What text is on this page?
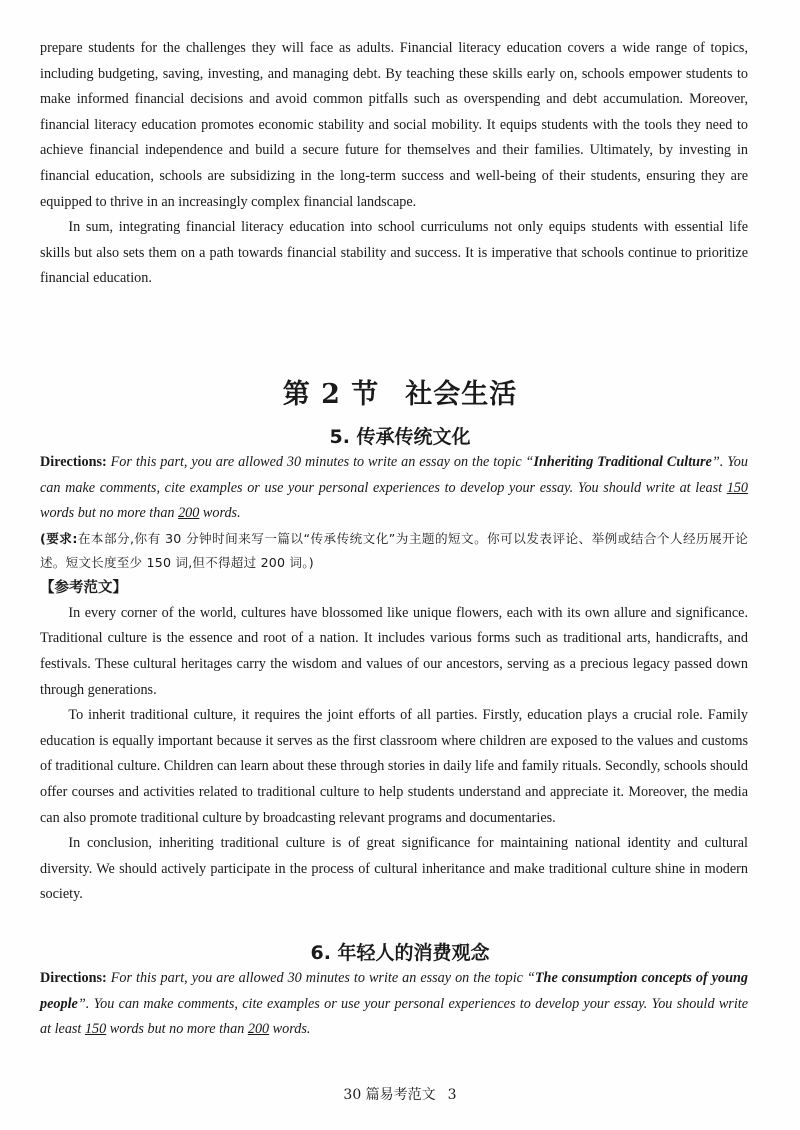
prepare students for the challenges they will face as adults. Financial literacy education covers a wide range of topics, including budgeting, saving, investing, and managing debt. By teaching these skills early on, schools empower students to make informed financial decisions and avoid common pitfalls such as overspending and debt accumulation. Moreover, financial literacy education promotes economic stability and social mobility. It equips students with the tools they need to achieve financial independence and build a secure future for themselves and their families. Ultimately, by investing in financial education, schools are subsidizing in the long-term success and well-being of their students, ensuring they are equipped to thrive in an increasingly complex financial landscape.

In sum, integrating financial literacy education into school curriculums not only equips students with essential life skills but also sets them on a path towards financial stability and success. It is imperative that schools continue to prioritize financial education.

第 2 节 社会生活
5. 传承传统文化
Directions: For this part, you are allowed 30 minutes to write an essay on the topic “Inheriting Traditional Culture”. You can make comments, cite examples or use your personal experiences to develop your essay. You should write at least 150 words but no more than 200 words.
(要求:在本部分,你有 30 分钟时间来写一篇以“传承传统文化”为主题的短文。你可以发表评论、举例或结合个人经历展开论述。短文长度至少 150 词,但不得超过 200 词。)
【参考范文】

In every corner of the world, cultures have blossomed like unique flowers, each with its own allure and significance. Traditional culture is the essence and root of a nation. It includes various forms such as traditional arts, handicrafts, and festivals. These cultural heritages carry the wisdom and values of our ancestors, serving as a precious legacy passed down through generations.

To inherit traditional culture, it requires the joint efforts of all parties. Firstly, education plays a crucial role. Family education is equally important because it serves as the first classroom where children are exposed to the values and customs of traditional culture. Children can learn about these through stories in daily life and family rituals. Secondly, schools should offer courses and activities related to traditional culture to help students understand and appreciate it. Moreover, the media can also promote traditional culture by broadcasting relevant programs and documentaries.

In conclusion, inheriting traditional culture is of great significance for maintaining national identity and cultural diversity. We should actively participate in the process of cultural inheritance and make traditional culture shine in modern society.

6. 年轻人的消费观念
Directions: For this part, you are allowed 30 minutes to write an essay on the topic “The consumption concepts of young people”. You can make comments, cite examples or use your personal experiences to develop your essay. You should write at least 150 words but no more than 200 words.
30 篇易考范文 3
